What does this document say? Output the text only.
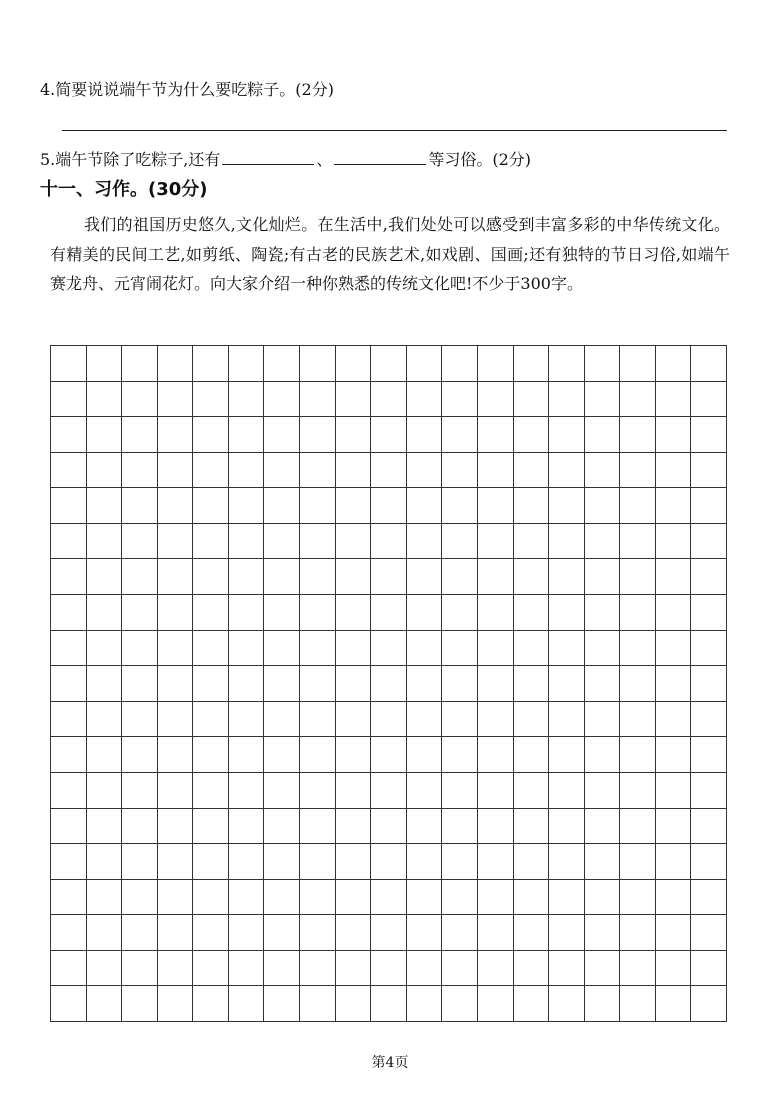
4.简要说说端午节为什么要吃粽子。(2分)
5.端午节除了吃粽子,还有	、	等习俗。(2分)
十一、习作。(30分)

我们的祖国历史悠久,文化灿烂。在生活中,我们处处可以感受到丰富多彩的中华传统文化。有精美的民间工艺,如剪纸、陶瓷;有古老的民族艺术,如戏剧、国画;还有独特的节日习俗,如端午赛龙舟、元宵闹花灯。向大家介绍一种你熟悉的传统文化吧!不少于300字。

第4页
